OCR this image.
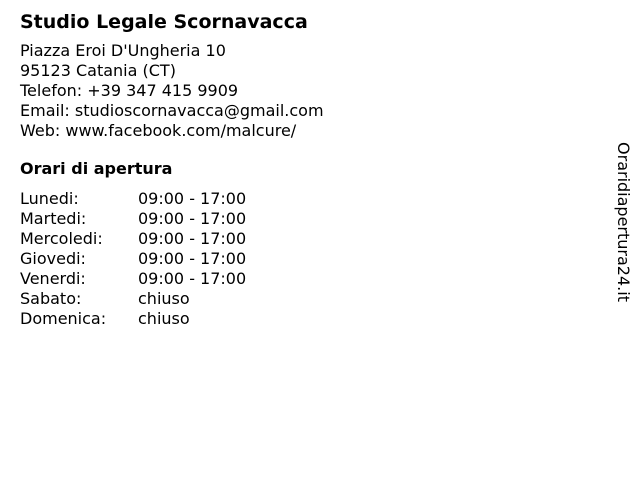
Studio Legale Scornavacca
Piazza Eroi D'Ungheria 10
95123 Catania (CT)
Telefon: +39 347 415 9909
Email: studioscornavacca@gmail.com
Web: www.facebook.com/malcure/
Orari di apertura
Lunedi:	09:00 - 17:00
Martedi:	09:00 - 17:00
Mercoledi:	09:00 - 17:00
Giovedi:	09:00 - 17:00
Venerdi:	09:00 - 17:00
Sabato:	chiuso
Domenica:	chiuso
Oraridiapertura24.it
